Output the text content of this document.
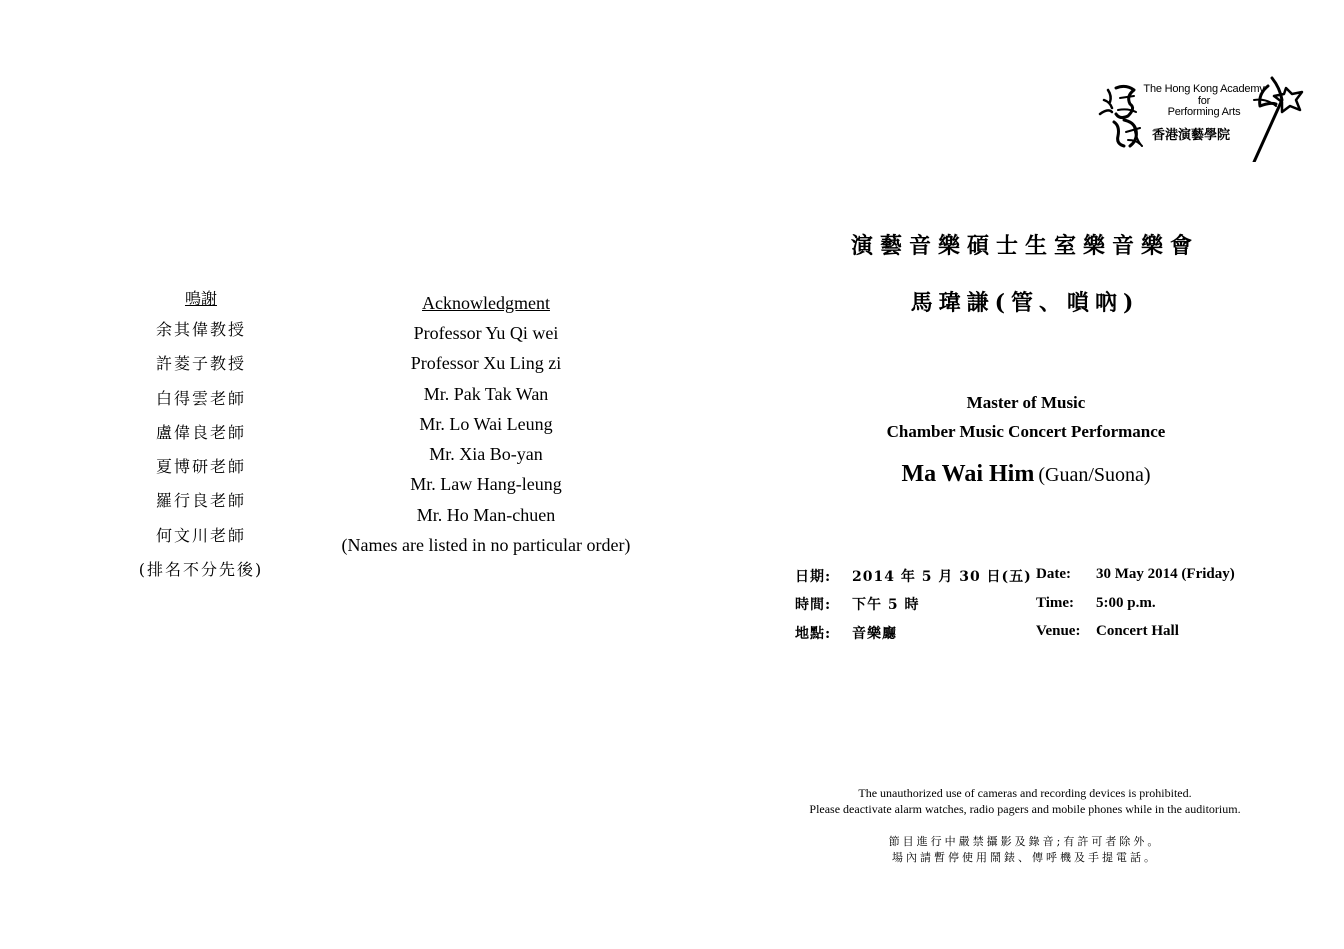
鳴謝
余其偉教授
許菱子教授
白得雲老師
盧偉良老師
夏博研老師
羅行良老師
何文川老師
(排名不分先後)
Acknowledgment
Professor Yu Qi wei
Professor Xu Ling zi
Mr. Pak Tak Wan
Mr. Lo Wai Leung
Mr. Xia Bo-yan
Mr. Law Hang-leung
Mr. Ho Man-chuen
(Names are listed in no particular order)
The Hong Kong Academy
for
Performing Arts
香港演藝學院
演藝音樂碩士生室樂音樂會
馬瑋謙(管、嗩吶)
Master of Music
Chamber Music Concert Performance
Ma Wai Him (Guan/Suona)
日期: 2014 年 5 月 30 日(五)
時間: 下午 5 時
地點: 音樂廳
Date: 30 May 2014 (Friday)
Time: 5:00 p.m.
Venue: Concert Hall
The unauthorized use of cameras and recording devices is prohibited.
Please deactivate alarm watches, radio pagers and mobile phones while in the auditorium.
節目進行中嚴禁攝影及錄音;有許可者除外。
場內請暫停使用鬧錶、傳呼機及手提電話。
